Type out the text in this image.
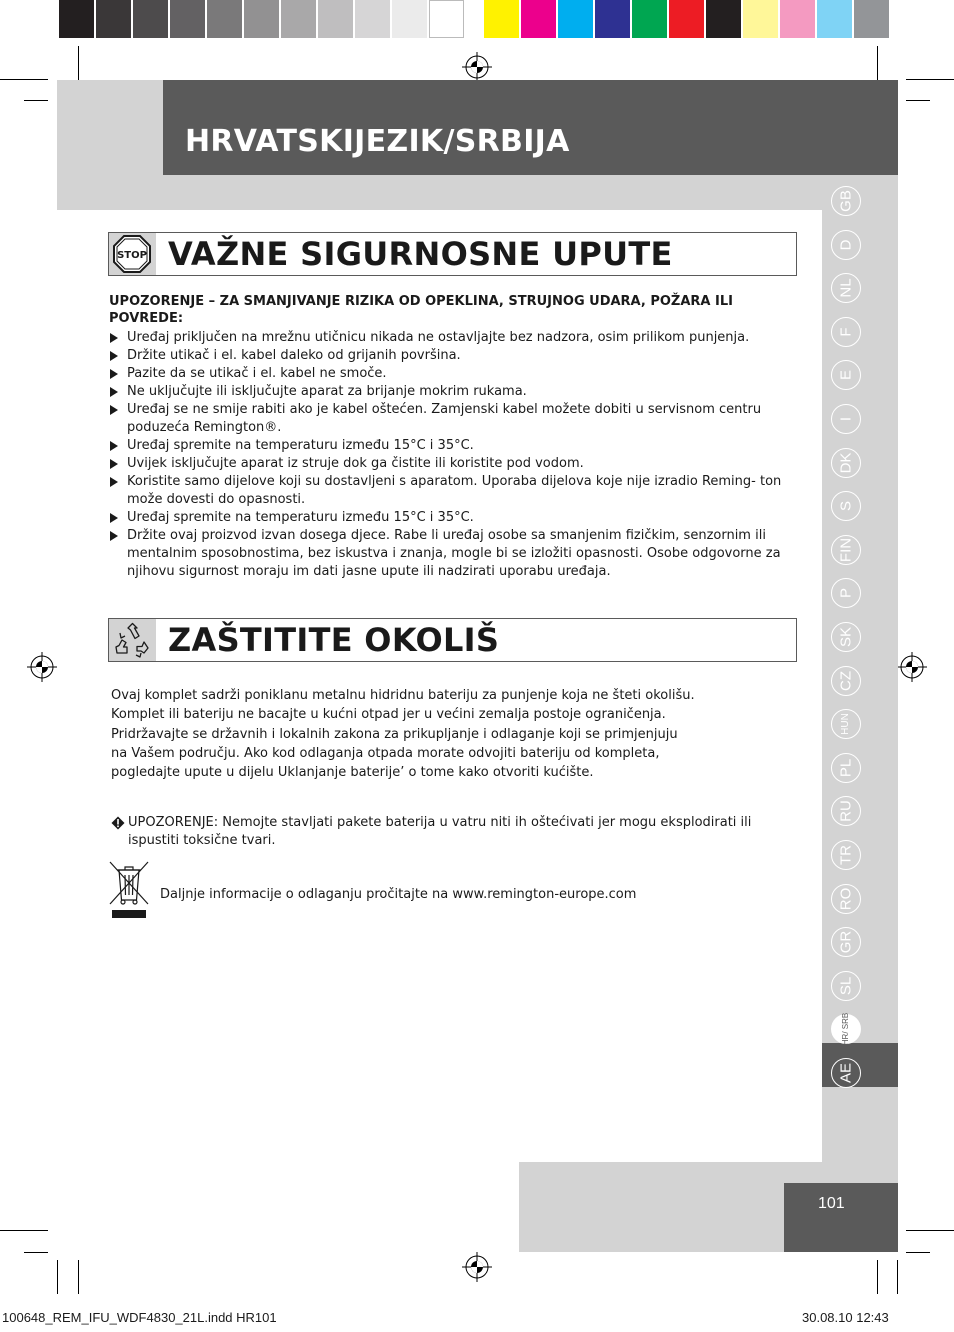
HRVATSKIJEZIK/SRBIJA
GB
D
NL
F
E
I
DK
S
FIN
P
SK
CZ
HUN
PL
RU
TR
RO
GR
SL
HR/ SRB
AE
101
STOP VAŽNE SIGURNOSNE UPUTE
UPOZORENJE – ZA SMANJIVANJE RIZIKA OD OPEKLINA, STRUJNOG UDARA, POŽARA ILI POVREDE:
Uređaj priključen na mrežnu utičnicu nikada ne ostavljajte bez nadzora, osim prilikom punjenja.
Držite utikač i el. kabel daleko od grijanih površina.
Pazite da se utikač i el. kabel ne smoče.
Ne uključujte ili isključujte aparat za brijanje mokrim rukama.
Uređaj se ne smije rabiti ako je kabel oštećen. Zamjenski kabel možete dobiti u servisnom centru poduzeća Remington®.
Uređaj spremite na temperaturu između 15°C i 35°C.
Uvijek isključujte aparat iz struje dok ga čistite ili koristite pod vodom.
Koristite samo dijelove koji su dostavljeni s aparatom. Uporaba dijelova koje nije izradio Reming- ton može dovesti do opasnosti.
Uređaj spremite na temperaturu između 15°C i 35°C.
Držite ovaj proizvod izvan dosega djece. Rabe li uređaj osobe sa smanjenim fizičkim, senzornim ili mentalnim sposobnostima, bez iskustva i znanja, mogle bi se izložiti opasnosti. Osobe odgovorne za njihovu sigurnost moraju im dati jasne upute ili nadzirati uporabu uređaja.
ZAŠTITITE OKOLIŠ
Ovaj komplet sadrži poniklanu metalnu hidridnu bateriju za punjenje koja ne šteti okolišu.
Komplet ili bateriju ne bacajte u kućni otpad jer u većini zemalja postoje ograničenja.
Pridržavajte se državnih i lokalnih zakona za prikupljanje i odlaganje koji se primjenjuju
na Vašem području. Ako kod odlaganja otpada morate odvojiti bateriju od kompleta,
pogledajte upute u dijelu Uklanjanje baterije’ o tome kako otvoriti kućište.
UPOZORENJE: Nemojte stavljati pakete baterija u vatru niti ih oštećivati jer mogu eksplodirati ili ispustiti toksične tvari.
Daljnje informacije o odlaganju pročitajte na www.remington-europe.com
100648_REM_IFU_WDF4830_21L.indd HR101	30.08.10 12:43
